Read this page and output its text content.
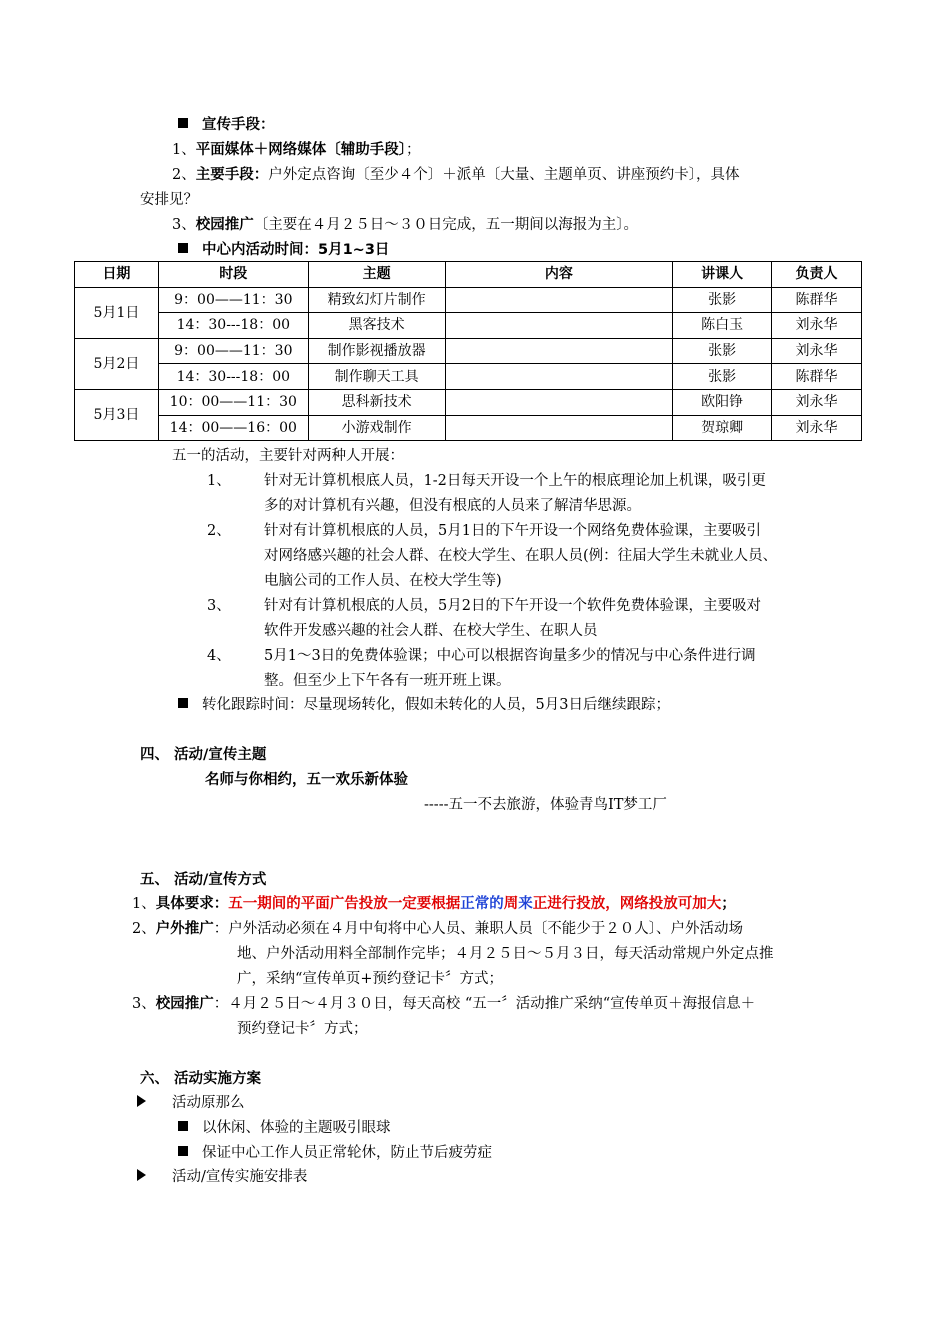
宣传手段：
1、平面媒体＋网络媒体〔辅助手段〕；
2、主要手段：户外定点咨询〔至少４个〕＋派单〔大量、主题单页、讲座预约卡〕，具体
安排见？
3、校园推广〔主要在４月２５日～３０日完成，五一期间以海报为主〕。
中心内活动时间：5月1~3日
日期	时段	主题	内容	讲课人	负责人
5月1日	9：00——11：30	精致幻灯片制作		张影	陈群华
	14：30---18：00	黑客技术		陈白玉	刘永华
5月2日	9：00——11：30	制作影视播放器		张影	刘永华
	14：30---18：00	制作聊天工具		张影	陈群华
5月3日	10：00——11：30	思科新技术		欧阳铮	刘永华
	14：00——16：00	小游戏制作		贺琼卿	刘永华
五一的活动，主要针对两种人开展：
1、 针对无计算机根底人员，1-2日每天开设一个上午的根底理论加上机课，吸引更
多的对计算机有兴趣，但没有根底的人员来了解清华思源。
2、 针对有计算机根底的人员，5月1日的下午开设一个网络免费体验课，主要吸引
对网络感兴趣的社会人群、在校大学生、在职人员(例：往届大学生未就业人员、
电脑公司的工作人员、在校大学生等)
3、 针对有计算机根底的人员，5月2日的下午开设一个软件免费体验课，主要吸对
软件开发感兴趣的社会人群、在校大学生、在职人员
4、 5月1～3日的免费体验课；中心可以根据咨询量多少的情况与中心条件进行调
整。但至少上下午各有一班开班上课。
转化跟踪时间：尽量现场转化，假如未转化的人员，5月3日后继续跟踪；
四、 活动/宣传主题
名师与你相约，五一欢乐新体验
-----五一不去旅游，体验青鸟IT梦工厂
五、 活动/宣传方式
1、具体要求：五一期间的平面广告投放一定要根据正常的周来正进行投放，网络投放可加大；
2、户外推广：户外活动必须在４月中旬将中心人员、兼职人员〔不能少于２０人〕、户外活动场
地、户外活动用料全部制作完毕；４月２５日～５月３日，每天活动常规户外定点推
广，采纳“宣传单页+预约登记卡〞方式；
3、校园推广：４月２５日～４月３０日，每天高校 “五一〞活动推广采纳“宣传单页＋海报信息＋
预约登记卡〞方式；
六、 活动实施方案
活动原那么
以休闲、体验的主题吸引眼球
保证中心工作人员正常轮休，防止节后疲劳症
活动/宣传实施安排表
